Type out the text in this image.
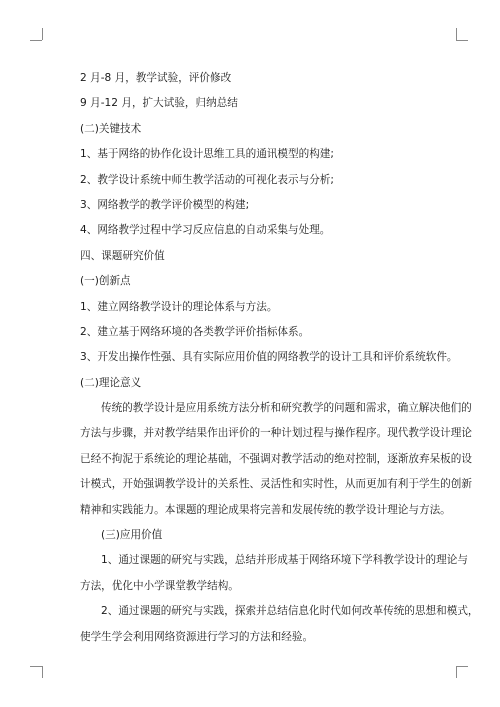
2 月-8 月，教学试验，评价修改
9 月-12 月，扩大试验，归纳总结
(二)关键技术
1、基于网络的协作化设计思维工具的通讯模型的构建;
2、教学设计系统中师生教学活动的可视化表示与分析;
3、网络教学的教学评价模型的构建;
4、网络教学过程中学习反应信息的自动采集与处理。
四、课题研究价值
(一)创新点
1、建立网络教学设计的理论体系与方法。
2、建立基于网络环境的各类教学评价指标体系。
3、开发出操作性强、具有实际应用价值的网络教学的设计工具和评价系统软件。
(二)理论意义
传统的教学设计是应用系统方法分析和研究教学的问题和需求，确立解决他们的
方法与步骤，并对教学结果作出评价的一种计划过程与操作程序。现代教学设计理论
已经不拘泥于系统论的理论基础，不强调对教学活动的绝对控制，逐渐放弃呆板的设
计模式，开始强调教学设计的关系性、灵活性和实时性，从而更加有利于学生的创新
精神和实践能力。本课题的理论成果将完善和发展传统的教学设计理论与方法。
(三)应用价值
1、通过课题的研究与实践，总结并形成基于网络环境下学科教学设计的理论与
方法，优化中小学课堂教学结构。
2、通过课题的研究与实践，探索并总结信息化时代如何改革传统的思想和模式，
使学生学会利用网络资源进行学习的方法和经验。
